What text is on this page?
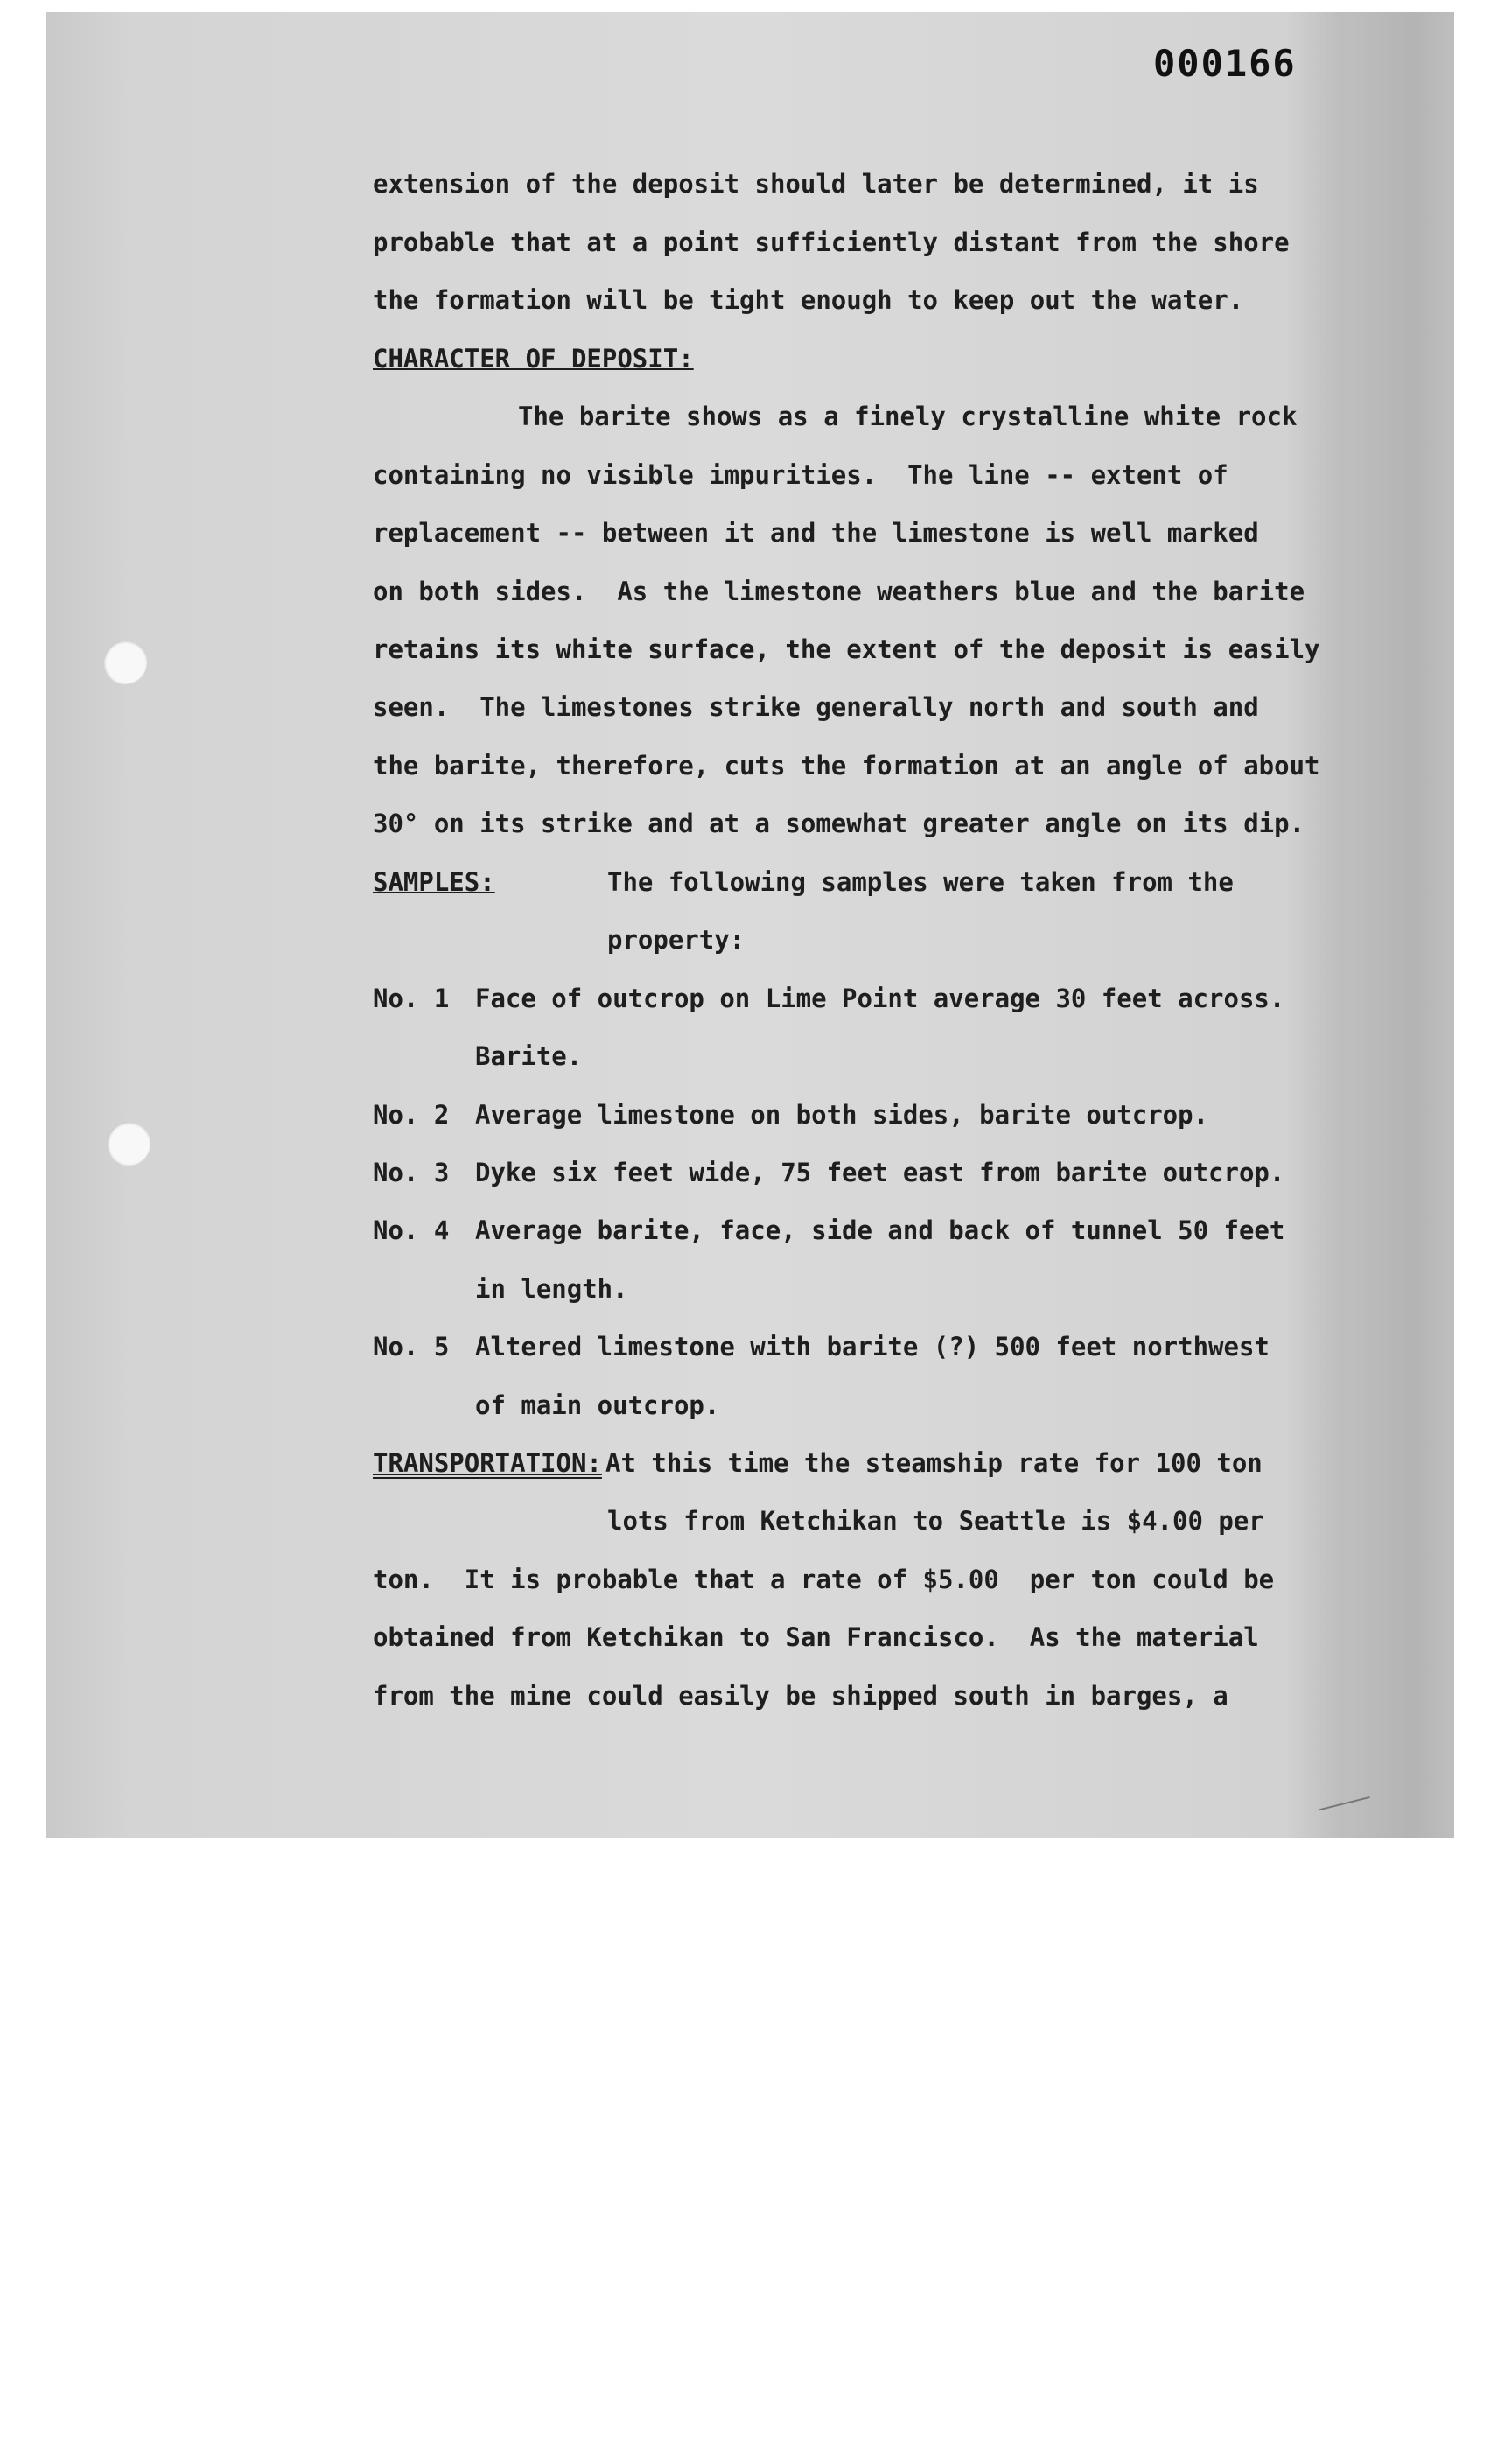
000166

extension of the deposit should later be determined, it is

probable that at a point sufficiently distant from the shore

the formation will be tight enough to keep out the water.

CHARACTER OF DEPOSIT:

The barite shows as a finely crystalline white rock

containing no visible impurities.  The line -- extent of

replacement -- between it and the limestone is well marked

on both sides.  As the limestone weathers blue and the barite

retains its white surface, the extent of the deposit is easily

seen.  The limestones strike generally north and south and

the barite, therefore, cuts the formation at an angle of about

30° on its strike and at a somewhat greater angle on its dip.

SAMPLES:	The following samples were taken from the

property:

No. 1 Face of outcrop on Lime Point average 30 feet across.

Barite.

No. 2 Average limestone on both sides, barite outcrop.

No. 3 Dyke six feet wide, 75 feet east from barite outcrop.

No. 4 Average barite, face, side and back of tunnel 50 feet

in length.

No. 5 Altered limestone with barite (?) 500 feet northwest

of main outcrop.

TRANSPORTATION: At this time the steamship rate for 100 ton

lots from Ketchikan to Seattle is $4.00 per

ton.  It is probable that a rate of $5.00  per ton could be

obtained from Ketchikan to San Francisco.  As the material

from the mine could easily be shipped south in barges, a
